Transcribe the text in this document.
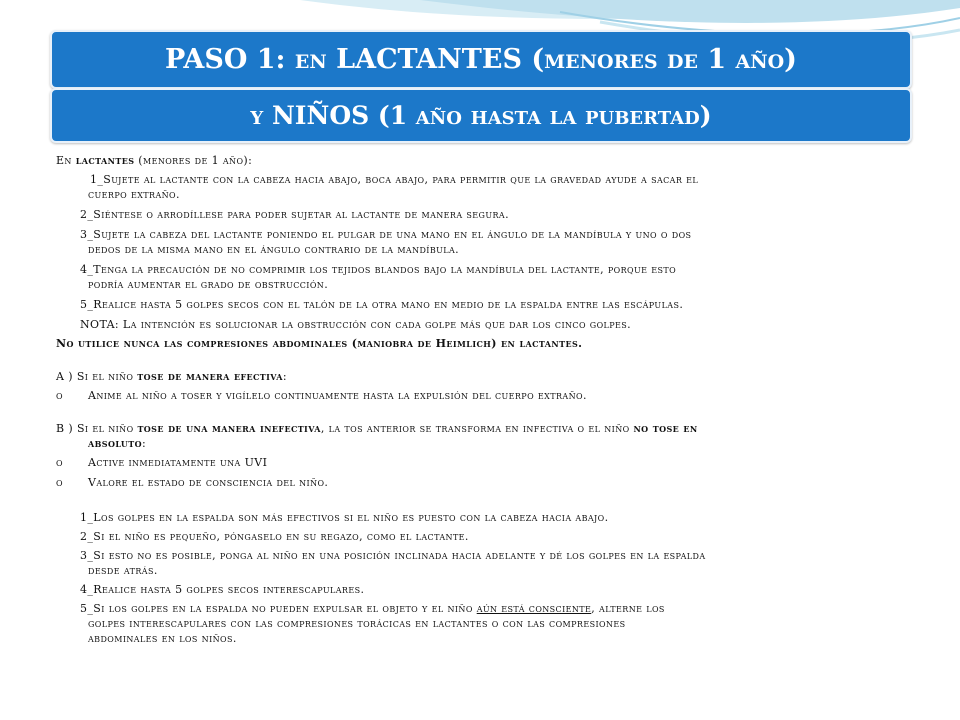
PASO 1: en LACTANTES (menores de 1 año)
y NIÑOS (1 año hasta la pubertad)
En lactantes (menores de 1 año):
1_Sujete al lactante con la cabeza hacia abajo, boca abajo, para permitir que la gravedad ayude a sacar el
cuerpo extraño.
2_Siéntese o arrodíllese para poder sujetar al lactante de manera segura.
3_Sujete la cabeza del lactante poniendo el pulgar de una mano en el ángulo de la mandíbula y uno o dos
dedos de la misma mano en el ángulo contrario de la mandíbula.
4_Tenga la precaución de no comprimir los tejidos blandos bajo la mandíbula del lactante, porque esto
podría aumentar el grado de obstrucción.
5_Realice hasta 5 golpes secos con el talón de la otra mano en medio de la espalda entre las escápulas.
NOTA: La intención es solucionar la obstrucción con cada golpe más que dar los cinco golpes.
No utilice nunca las compresiones abdominales (maniobra de Heimlich) en lactantes.
A ) Si el niño tose de manera efectiva:
o Anime al niño a toser y vigílelo continuamente hasta la expulsión del cuerpo extraño.
B ) Si el niño tose de una manera inefectiva, la tos anterior se transforma en infectiva o el niño no tose en
absoluto:
o Active inmediatamente una UVI
o Valore el estado de consciencia del niño.
1_Los golpes en la espalda son más efectivos si el niño es puesto con la cabeza hacia abajo.
2_Si el niño es pequeño, póngaselo en su regazo, como el lactante.
3_Si esto no es posible, ponga al niño en una posición inclinada hacia adelante y dé los golpes en la espalda
desde atrás.
4_Realice hasta 5 golpes secos interescapulares.
5_Si los golpes en la espalda no pueden expulsar el objeto y el niño aún está consciente, alterne los
golpes interescapulares con las compresiones torácicas en lactantes o con las compresiones
abdominales en los niños.
